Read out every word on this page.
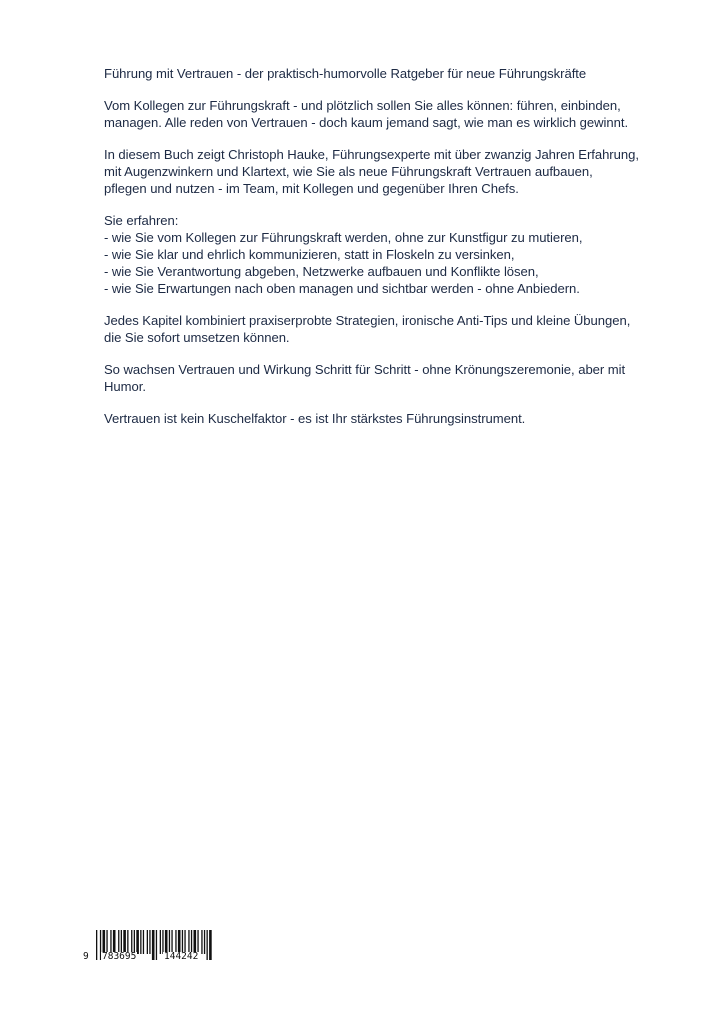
Führung mit Vertrauen - der praktisch-humorvolle Ratgeber für neue Führungskräfte

Vom Kollegen zur Führungskraft - und plötzlich sollen Sie alles können: führen, einbinden,
managen. Alle reden von Vertrauen - doch kaum jemand sagt, wie man es wirklich gewinnt.

In diesem Buch zeigt Christoph Hauke, Führungsexperte mit über zwanzig Jahren Erfahrung,
mit Augenzwinkern und Klartext, wie Sie als neue Führungskraft Vertrauen aufbauen,
pflegen und nutzen - im Team, mit Kollegen und gegenüber Ihren Chefs.

Sie erfahren:
- wie Sie vom Kollegen zur Führungskraft werden, ohne zur Kunstfigur zu mutieren,
- wie Sie klar und ehrlich kommunizieren, statt in Floskeln zu versinken,
- wie Sie Verantwortung abgeben, Netzwerke aufbauen und Konflikte lösen,
- wie Sie Erwartungen nach oben managen und sichtbar werden - ohne Anbiedern.

Jedes Kapitel kombiniert praxiserprobte Strategien, ironische Anti-Tips und kleine Übungen,
die Sie sofort umsetzen können.

So wachsen Vertrauen und Wirkung Schritt für Schritt - ohne Krönungszeremonie, aber mit
Humor.

Vertrauen ist kein Kuschelfaktor - es ist Ihr stärkstes Führungsinstrument.

9 783695	144242
